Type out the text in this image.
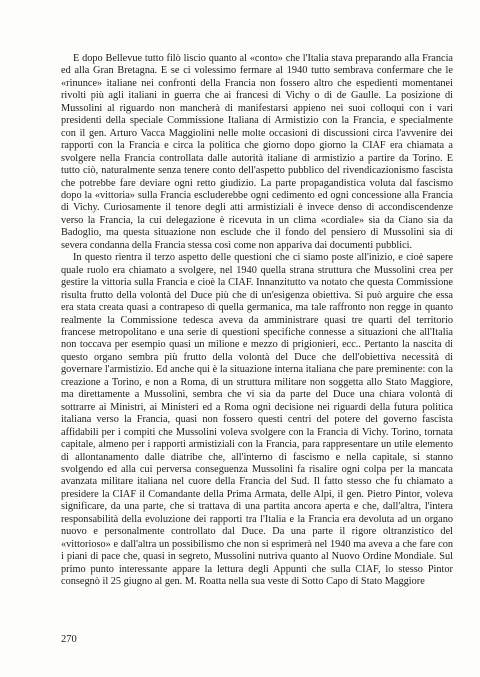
E dopo Bellevue tutto filò liscio quanto al «conto» che l'Italia stava preparando alla Francia ed alla Gran Bretagna. E se ci volessimo fermare al 1940 tutto sembrava confermare che le «rinunce» italiane nei confronti della Francia non fossero altro che espedienti momentanei rivolti più agli italiani in guerra che ai francesi di Vichy o di de Gaulle. La posizione di Mussolini al riguardo non mancherà di manifestarsi appieno nei suoi colloqui con i vari presidenti della speciale Commissione Italiana di Armistizio con la Francia, e specialmente con il gen. Arturo Vacca Maggiolini nelle molte occasioni di discussioni circa l'avvenire dei rapporti con la Francia e circa la politica che giorno dopo giorno la CIAF era chiamata a svolgere nella Francia controllata dalle autorità italiane di armistizio a partire da Torino. E tutto ciò, naturalmente senza tenere conto dell'aspetto pubblico del rivendicazionismo fascista che potrebbe fare deviare ogni retto giudizio. La parte propagandistica voluta dal fascismo dopo la «vittoria» sulla Francia escluderebbe ogni cedimento ed ogni concessione alla Francia di Vichy. Curiosamente il tenore degli atti armistiziali è invece denso di accondiscendenze verso la Francia, la cui delegazione è ricevuta in un clima «cordiale» sia da Ciano sia da Badoglio, ma questa situazione non esclude che il fondo del pensiero di Mussolini sia di severa condanna della Francia stessa così come non appariva dai documenti pubblici.

In questo rientra il terzo aspetto delle questioni che ci siamo poste all'inizio, e cioè sapere quale ruolo era chiamato a svolgere, nel 1940 quella strana struttura che Mussolini crea per gestire la vittoria sulla Francia e cioè la CIAF. Innanzitutto va notato che questa Commissione risulta frutto della volontà del Duce più che di un'esigenza obiettiva. Si può arguire che essa era stata creata quasi a contrapeso di quella germanica, ma tale raffronto non regge in quanto realmente la Commissione tedesca aveva da amministrare quasi tre quarti del territorio francese metropolitano e una serie di questioni specifiche connesse a situazioni che all'Italia non toccava per esempio quasi un milione e mezzo di prigionieri, ecc.. Pertanto la nascita di questo organo sembra più frutto della volontà del Duce che dell'obiettiva necessità di governare l'armistizio. Ed anche qui è la situazione interna italiana che pare preminente: con la creazione a Torino, e non a Roma, di un struttura militare non soggetta allo Stato Maggiore, ma direttamente a Mussolini, sembra che vi sia da parte del Duce una chiara volontà di sottrarre ai Ministri, ai Ministeri ed a Roma ogni decisione nei riguardi della futura politica italiana verso la Francia, quasi non fossero questi centri del potere del governo fascista affidabili per i compiti che Mussolini voleva svolgere con la Francia di Vichy. Torino, tornata capitale, almeno per i rapporti armistiziali con la Francia, para rappresentare un utile elemento di allontanamento dalle diatribe che, all'interno di fascismo e nella capitale, si stanno svolgendo ed alla cui perversa conseguenza Mussolini fa risalire ogni colpa per la mancata avanzata militare italiana nel cuore della Francia del Sud. Il fatto stesso che fu chiamato a presidere la CIAF il Comandante della Prima Armata, delle Alpi, il gen. Pietro Pintor, voleva significare, da una parte, che si trattava di una partita ancora aperta e che, dall'altra, l'intera responsabilità della evoluzione dei rapporti tra l'Italia e la Francia era devoluta ad un organo nuovo e personalmente controllato dal Duce. Da una parte il rigore oltranzistico del «vittorioso» e dall'altra un possibilismo che non si esprimerà nel 1940 ma aveva a che fare con i piani di pace che, quasi in segreto, Mussolini nutriva quanto al Nuovo Ordine Mondiale. Sul primo punto interessante appare la lettura degli Appunti che sulla CIAF, lo stesso Pintor consegnò il 25 giugno al gen. M. Roatta nella sua veste di Sotto Capo di Stato Maggiore

270
